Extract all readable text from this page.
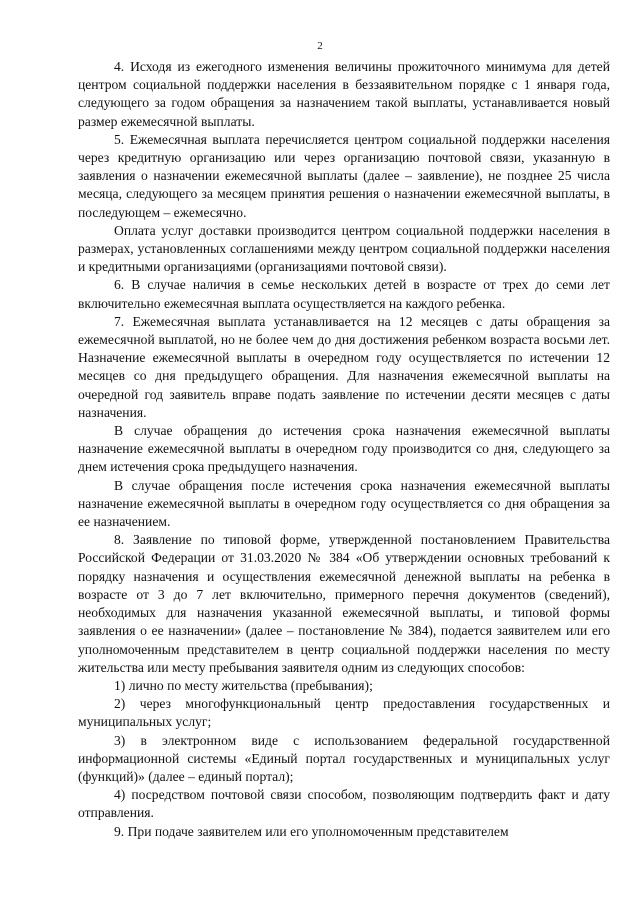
2

4. Исходя из ежегодного изменения величины прожиточного минимума для детей центром социальной поддержки населения в беззаявительном порядке с 1 января года, следующего за годом обращения за назначением такой выплаты, устанавливается новый размер ежемесячной выплаты.

5. Ежемесячная выплата перечисляется центром социальной поддержки населения через кредитную организацию или через организацию почтовой связи, указанную в заявления о назначении ежемесячной выплаты (далее – заявление), не позднее 25 числа месяца, следующего за месяцем принятия решения о назначении ежемесячной выплаты, в последующем – ежемесячно.

Оплата услуг доставки производится центром социальной поддержки населения в размерах, установленных соглашениями между центром социальной поддержки населения и кредитными организациями (организациями почтовой связи).

6. В случае наличия в семье нескольких детей в возрасте от трех до семи лет включительно ежемесячная выплата осуществляется на каждого ребенка.

7. Ежемесячная выплата устанавливается на 12 месяцев с даты обращения за ежемесячной выплатой, но не более чем до дня достижения ребенком возраста восьми лет. Назначение ежемесячной выплаты в очередном году осуществляется по истечении 12 месяцев со дня предыдущего обращения. Для назначения ежемесячной выплаты на очередной год заявитель вправе подать заявление по истечении десяти месяцев с даты назначения.

В случае обращения до истечения срока назначения ежемесячной выплаты назначение ежемесячной выплаты в очередном году производится со дня, следующего за днем истечения срока предыдущего назначения.

В случае обращения после истечения срока назначения ежемесячной выплаты назначение ежемесячной выплаты в очередном году осуществляется со дня обращения за ее назначением.

8. Заявление по типовой форме, утвержденной постановлением Правительства Российской Федерации от 31.03.2020 № 384 «Об утверждении основных требований к порядку назначения и осуществления ежемесячной денежной выплаты на ребенка в возрасте от 3 до 7 лет включительно, примерного перечня документов (сведений), необходимых для назначения указанной ежемесячной выплаты, и типовой формы заявления о ее назначении» (далее – постановление № 384), подается заявителем или его уполномоченным представителем в центр социальной поддержки населения по месту жительства или месту пребывания заявителя одним из следующих способов:

1) лично по месту жительства (пребывания);

2) через многофункциональный центр предоставления государственных и муниципальных услуг;

3) в электронном виде с использованием федеральной государственной информационной системы «Единый портал государственных и муниципальных услуг (функций)» (далее – единый портал);

4) посредством почтовой связи способом, позволяющим подтвердить факт и дату отправления.

9. При подаче заявителем или его уполномоченным представителем
